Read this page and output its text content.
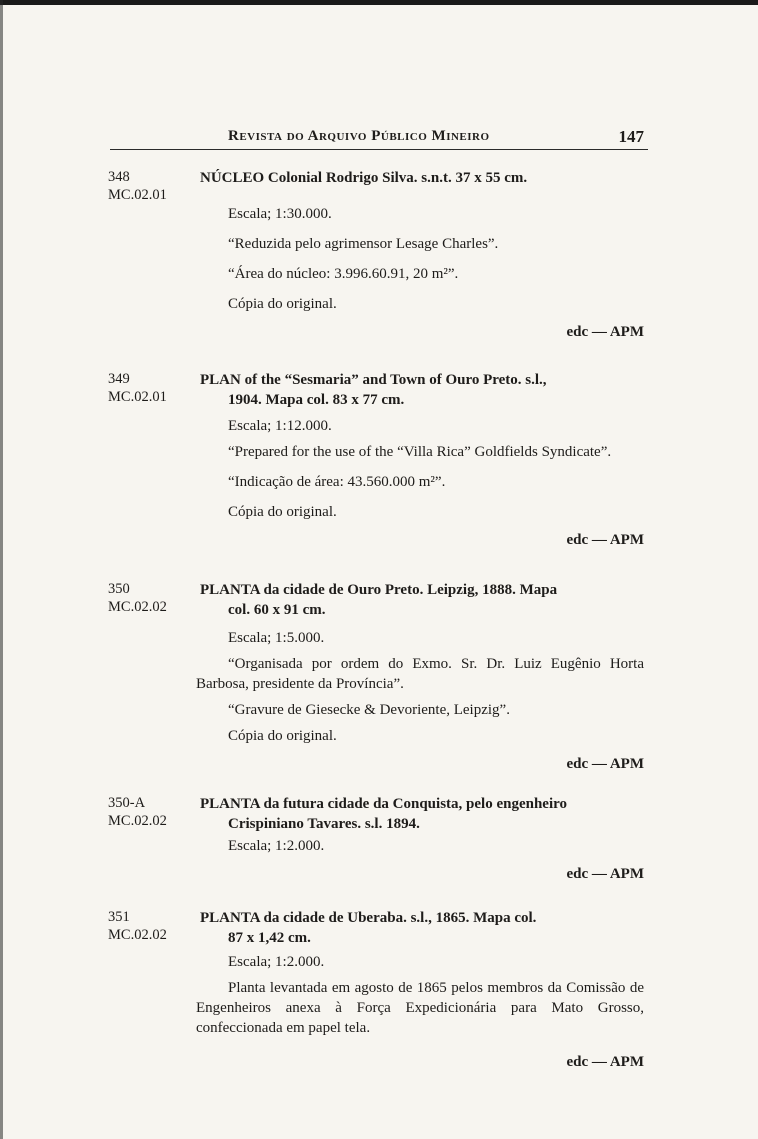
Revista do Arquivo Público Mineiro	147
348
MC.02.01
NÚCLEO Colonial Rodrigo Silva. s.n.t. 37 x 55 cm.
Escala; 1:30.000.
“Reduzida pelo agrimensor Lesage Charles”.
“Área do núcleo: 3.996.60.91, 20 m²”.
Cópia do original.
edc — APM
349
MC.02.01
PLAN of the “Sesmaria” and Town of Ouro Preto. s.l.,
1904. Mapa col. 83 x 77 cm.
Escala; 1:12.000.
“Prepared for the use of the “Villa Rica” Goldfields Syndicate”.
“Indicação de área: 43.560.000 m²”.
Cópia do original.
edc — APM
350
MC.02.02
PLANTA da cidade de Ouro Preto. Leipzig, 1888. Mapa
col. 60 x 91 cm.
Escala; 1:5.000.
“Organisada por ordem do Exmo. Sr. Dr. Luiz Eugênio Horta Barbosa, presidente da Província”.
“Gravure de Giesecke & Devoriente, Leipzig”.
Cópia do original.
edc — APM
350-A
MC.02.02
PLANTA da futura cidade da Conquista, pelo engenheiro
Crispiniano Tavares. s.l. 1894.
Escala; 1:2.000.
edc — APM
351
MC.02.02
PLANTA da cidade de Uberaba. s.l., 1865. Mapa col.
87 x 1,42 cm.
Escala; 1:2.000.
Planta levantada em agosto de 1865 pelos membros da Comissão de Engenheiros anexa à Força Expedicionária para Mato Grosso, confeccionada em papel tela.
edc — APM
